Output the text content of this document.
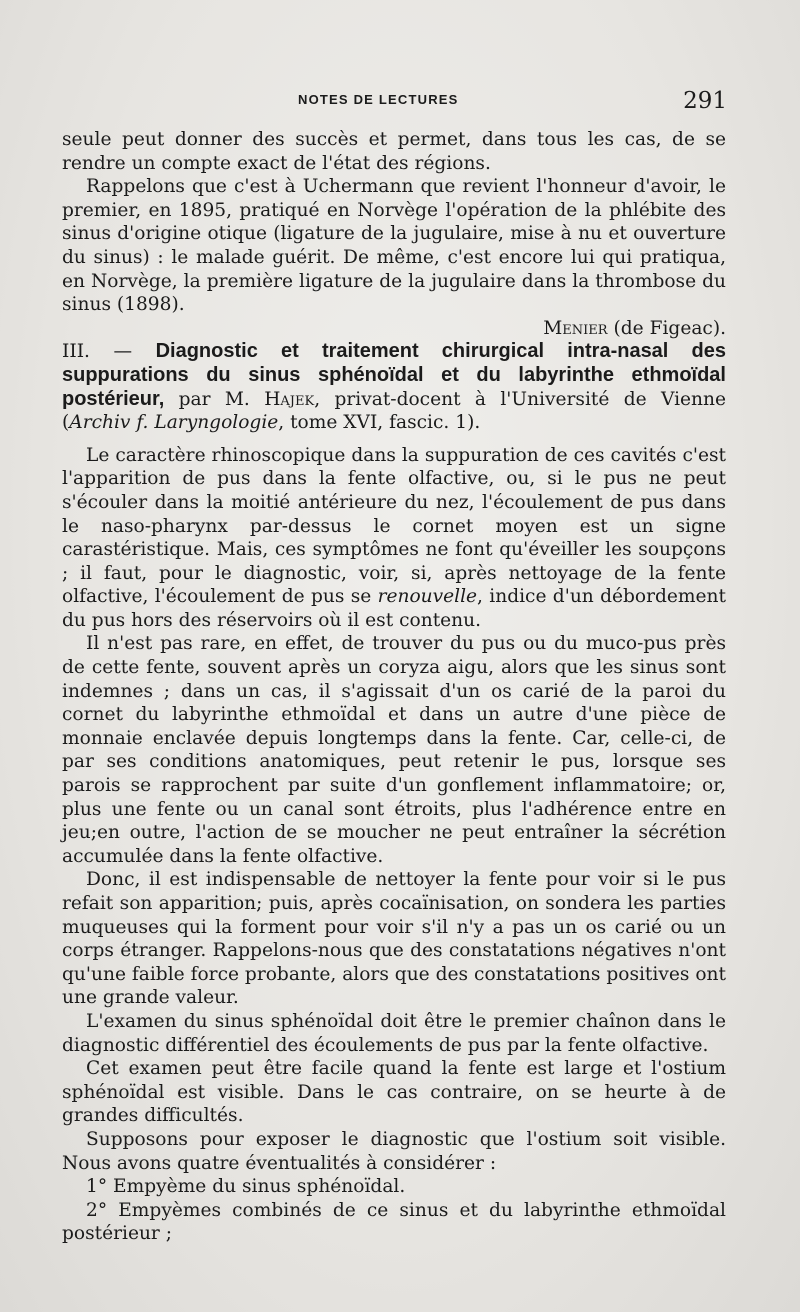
NOTES DE LECTURES	291

seule peut donner des succès et permet, dans tous les cas, de se rendre un compte exact de l'état des régions.

Rappelons que c'est à Uchermann que revient l'honneur d'avoir, le premier, en 1895, pratiqué en Norvège l'opération de la phlébite des sinus d'origine otique (ligature de la jugulaire, mise à nu et ouverture du sinus) : le malade guérit. De même, c'est encore lui qui pratiqua, en Norvège, la première ligature de la jugulaire dans la thrombose du sinus (1898).
Menier (de Figeac).

III. — Diagnostic et traitement chirurgical intra-nasal des suppurations du sinus sphénoïdal et du labyrinthe ethmoïdal postérieur, par M. Hajek, privat-docent à l'Université de Vienne (Archiv f. Laryngologie, tome XVI, fascic. 1).

Le caractère rhinoscopique dans la suppuration de ces cavités c'est l'apparition de pus dans la fente olfactive, ou, si le pus ne peut s'écouler dans la moitié antérieure du nez, l'écoulement de pus dans le naso-pharynx par-dessus le cornet moyen est un signe carastéristique. Mais, ces symptômes ne font qu'éveiller les soupçons ; il faut, pour le diagnostic, voir, si, après nettoyage de la fente olfactive, l'écoulement de pus se renouvelle, indice d'un débordement du pus hors des réservoirs où il est contenu.

Il n'est pas rare, en effet, de trouver du pus ou du muco-pus près de cette fente, souvent après un coryza aigu, alors que les sinus sont indemnes ; dans un cas, il s'agissait d'un os carié de la paroi du cornet du labyrinthe ethmoïdal et dans un autre d'une pièce de monnaie enclavée depuis longtemps dans la fente. Car, celle-ci, de par ses conditions anatomiques, peut retenir le pus, lorsque ses parois se rapprochent par suite d'un gonflement inflammatoire; or, plus une fente ou un canal sont étroits, plus l'adhérence entre en jeu;en outre, l'action de se moucher ne peut entraîner la sécrétion accumulée dans la fente olfactive.

Donc, il est indispensable de nettoyer la fente pour voir si le pus refait son apparition; puis, après cocaïnisation, on sondera les parties muqueuses qui la forment pour voir s'il n'y a pas un os carié ou un corps étranger. Rappelons-nous que des constatations négatives n'ont qu'une faible force probante, alors que des constatations positives ont une grande valeur.

L'examen du sinus sphénoïdal doit être le premier chaînon dans le diagnostic différentiel des écoulements de pus par la fente olfactive.

Cet examen peut être facile quand la fente est large et l'ostium sphénoïdal est visible. Dans le cas contraire, on se heurte à de grandes difficultés.

Supposons pour exposer le diagnostic que l'ostium soit visible. Nous avons quatre éventualités à considérer :

1° Empyème du sinus sphénoïdal.

2° Empyèmes combinés de ce sinus et du labyrinthe ethmoïdal postérieur ;
